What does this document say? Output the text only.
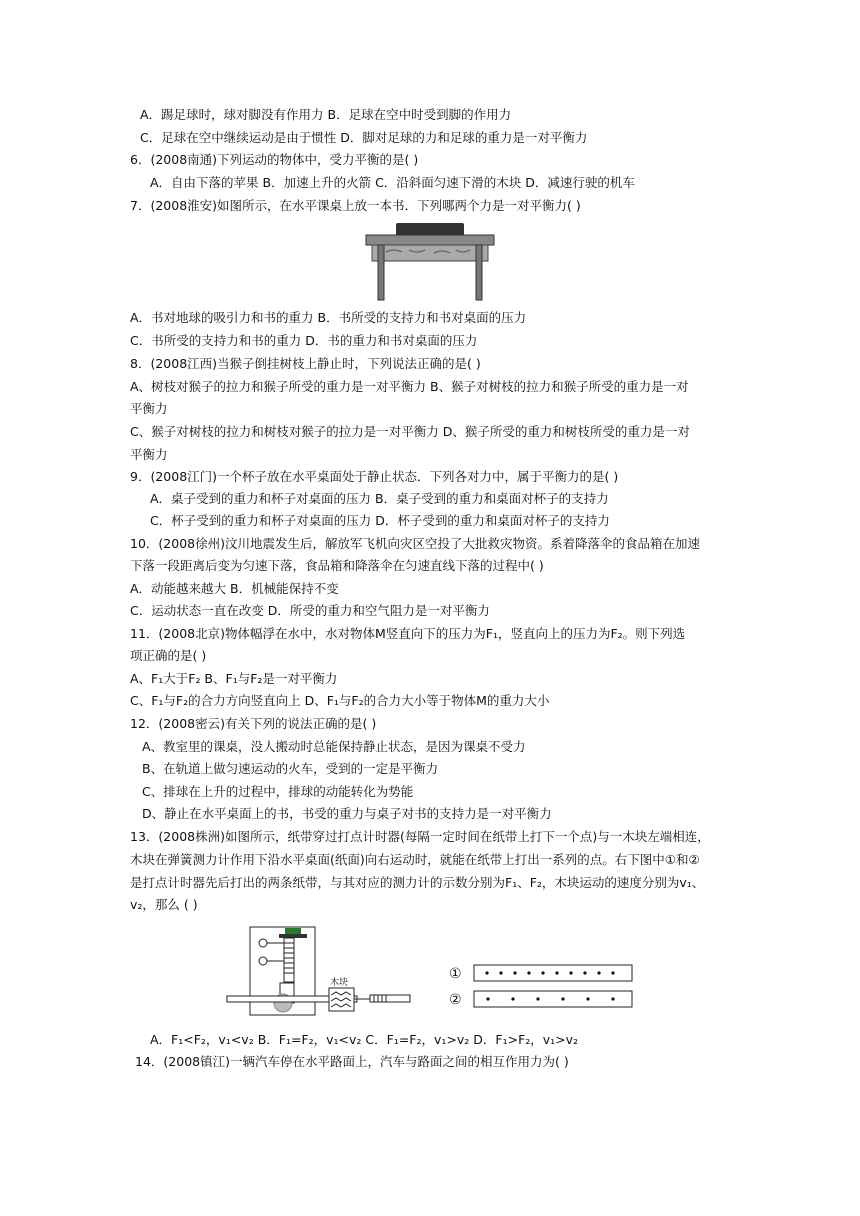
A．踢足球时，球对脚没有作用力 B．足球在空中时受到脚的作用力
C．足球在空中继续运动是由于惯性 D．脚对足球的力和足球的重力是一对平衡力
6．(2008南通)下列运动的物体中，受力平衡的是( )
A．自由下落的苹果 B．加速上升的火箭 C．沿斜面匀速下滑的木块 D．减速行驶的机车
7．(2008淮安)如图所示，在水平课桌上放一本书．下列哪两个力是一对平衡力( )
A．书对地球的吸引力和书的重力 B．书所受的支持力和书对桌面的压力
C．书所受的支持力和书的重力 D．书的重力和书对桌面的压力
8．(2008江西)当猴子倒挂树枝上静止时，下列说法正确的是( )
A、树枝对猴子的拉力和猴子所受的重力是一对平衡力 B、猴子对树枝的拉力和猴子所受的重力是一对
平衡力
C、猴子对树枝的拉力和树枝对猴子的拉力是一对平衡力 D、猴子所受的重力和树枝所受的重力是一对
平衡力
9．(2008江门)一个杯子放在水平桌面处于静止状态．下列各对力中，属于平衡力的是( )
A．桌子受到的重力和杯子对桌面的压力 B．桌子受到的重力和桌面对杯子的支持力
C．杯子受到的重力和杯子对桌面的压力 D．杯子受到的重力和桌面对杯子的支持力
10．(2008徐州)汶川地震发生后，解放军飞机向灾区空投了大批救灾物资。系着降落伞的食品箱在加速
下落一段距离后变为匀速下落，食品箱和降落伞在匀速直线下落的过程中( )
A．动能越来越大 B．机械能保持不变
C．运动状态一直在改变 D．所受的重力和空气阻力是一对平衡力
11．(2008北京)物体幅浮在水中，水对物体M竖直向下的压力为F₁，竖直向上的压力为F₂。则下列选
项正确的是( )
A、F₁大于F₂ B、F₁与F₂是一对平衡力
C、F₁与F₂的合力方向竖直向上 D、F₁与F₂的合力大小等于物体M的重力大小
12．(2008密云)有关下列的说法正确的是( )
A、教室里的课桌，没人搬动时总能保持静止状态，是因为课桌不受力
B、在轨道上做匀速运动的火车，受到的一定是平衡力
C、排球在上升的过程中，排球的动能转化为势能
D、静止在水平桌面上的书，书受的重力与桌子对书的支持力是一对平衡力
13．(2008株洲)如图所示，纸带穿过打点计时器(每隔一定时间在纸带上打下一个点)与一木块左端相连，
木块在弹簧测力计作用下沿水平桌面(纸面)向右运动时，就能在纸带上打出一系列的点。右下图中①和②
是打点计时器先后打出的两条纸带，与其对应的测力计的示数分别为F₁、F₂，木块运动的速度分别为v₁、
v₂，那么 ( )
木块
①
②
A．F₁<F₂，v₁<v₂ B．F₁=F₂，v₁<v₂ C．F₁=F₂，v₁>v₂ D．F₁>F₂，v₁>v₂
14．(2008镇江)一辆汽车停在水平路面上，汽车与路面之间的相互作用力为( )
